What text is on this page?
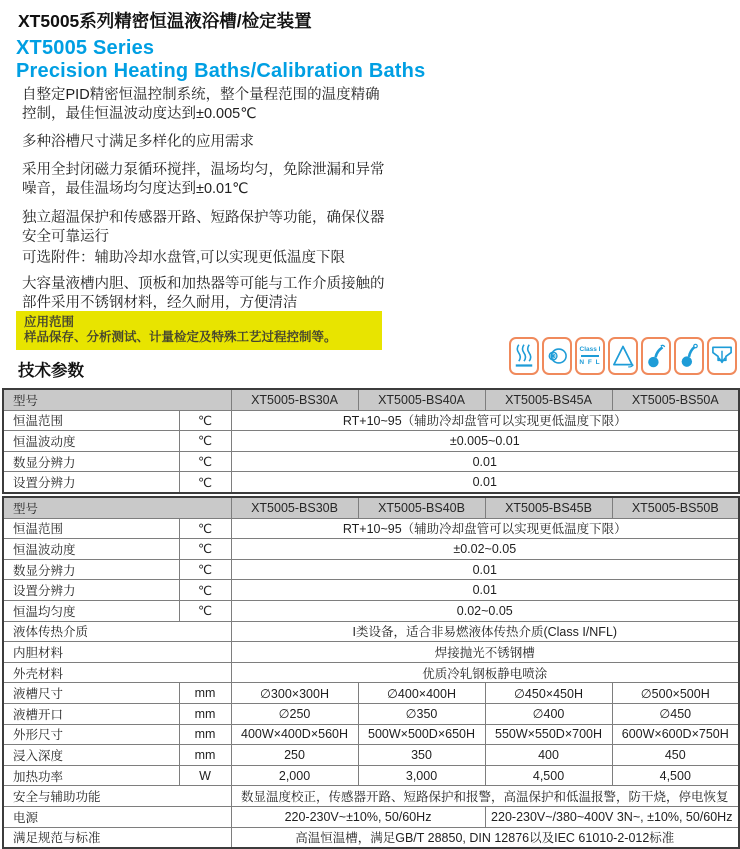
XT5005系列精密恒温液浴槽/检定装置
XT5005 Series
Precision Heating Baths/Calibration Baths
自整定PID精密恒温控制系统，整个量程范围的温度精确控制，最佳恒温波动度达到±0.005℃
多种浴槽尺寸满足多样化的应用需求
采用全封闭磁力泵循环搅拌，温场均匀，免除泄漏和异常噪音，最佳温场均匀度达到±0.01℃
独立超温保护和传感器开路、短路保护等功能，确保仪器安全可靠运行
可选附件：辅助冷却水盘管,可以实现更低温度下限
大容量液槽内胆、顶板和加热器等可能与工作介质接触的部件采用不锈钢材料，经久耐用，方便清洁
应用范围
样品保存、分析测试、计量检定及特殊工艺过程控制等。
Class I
N F L
技术参数
型号		XT5005-BS30A	XT5005-BS40A	XT5005-BS45A	XT5005-BS50A
恒温范围	℃	RT+10~95（辅助冷却盘管可以实现更低温度下限）			
恒温波动度	℃	±0.005~0.01			
数显分辨力	℃	0.01			
设置分辨力	℃	0.01			
型号		XT5005-BS30B	XT5005-BS40B	XT5005-BS45B	XT5005-BS50B
恒温范围	℃	RT+10~95（辅助冷却盘管可以实现更低温度下限）			
恒温波动度	℃	±0.02~0.05			
数显分辨力	℃	0.01			
设置分辨力	℃	0.01			
恒温均匀度	℃	0.02~0.05			
液体传热介质		I类设备，适合非易燃液体传热介质(Class I/NFL)			
内胆材料		焊接抛光不锈钢槽			
外壳材料		优质冷轧钢板静电喷涂			
液槽尺寸	mm	∅300×300H	∅400×400H	∅450×450H	∅500×500H
液槽开口	mm	∅250	∅350	∅400	∅450
外形尺寸	mm	400W×400D×560H	500W×500D×650H	550W×550D×700H	600W×600D×750H
浸入深度	mm	250	350	400	450
加热功率	W	2,000	3,000	4,500	4,500
安全与辅助功能		数显温度校正，传感器开路、短路保护和报警，高温保护和低温报警，防干烧，停电恢复			
电源		220-230V~±10%, 50/60Hz		220-230V~/380~400V 3N~, ±10%, 50/60Hz	
满足规范与标准		高温恒温槽，满足GB/T 28850, DIN 12876以及IEC 61010-2-012标准			
